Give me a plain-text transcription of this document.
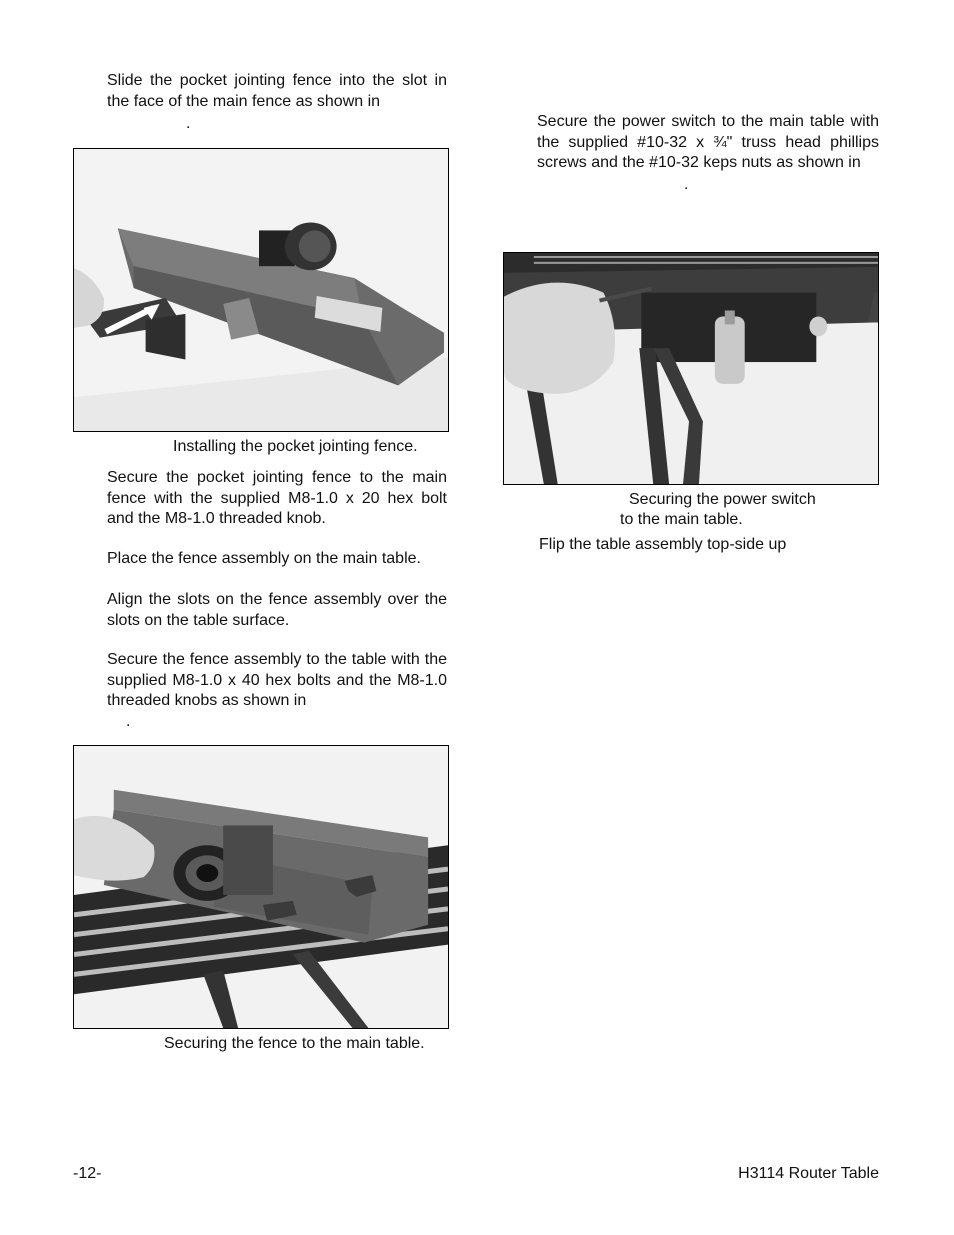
Slide the pocket jointing fence into the slot in the face of the main fence as shown in

.

Installing the pocket jointing fence.

Secure the pocket jointing fence to the main fence with the supplied M8-1.0 x 20 hex bolt and the M8-1.0 threaded knob.

Place the fence assembly on the main table.

Align the slots on the fence assembly over the slots on the table surface.

Secure the fence assembly to the table with the supplied M8-1.0 x 40 hex bolts and the M8-1.0 threaded knobs as shown in

.

Securing the fence to the main table.

Secure the power switch to the main table with the supplied #10-32 x ¾" truss head phillips screws and the #10-32 keps nuts as shown in

.

Securing the power switch

to the main table.

Flip the table assembly top-side up

-12-	H3114 Router Table
